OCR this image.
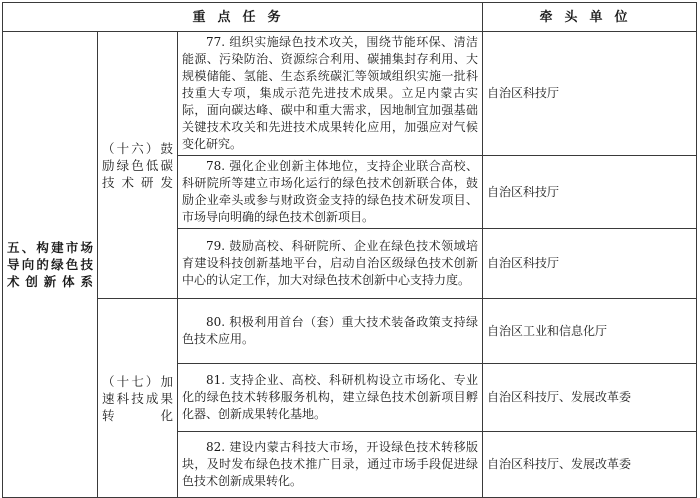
重点任务			牵头单位
五、构建市场导向的绿色技术创新体系	（十六）鼓励绿色低碳技术研发	77. 组织实施绿色技术攻关，围绕节能环保、清洁能源、污染防治、资源综合利用、碳捕集封存利用、大规模储能、氢能、生态系统碳汇等领域组织实施一批科技重大专项，集成示范先进技术成果。立足内蒙古实际，面向碳达峰、碳中和重大需求，因地制宜加强基础关键技术攻关和先进技术成果转化应用，加强应对气候变化研究。	自治区科技厅
		78. 强化企业创新主体地位，支持企业联合高校、科研院所等建立市场化运行的绿色技术创新联合体，鼓励企业牵头或参与财政资金支持的绿色技术研发项目、市场导向明确的绿色技术创新项目。	自治区科技厅
		79. 鼓励高校、科研院所、企业在绿色技术领域培育建设科技创新基地平台，启动自治区级绿色技术创新中心的认定工作，加大对绿色技术创新中心支持力度。	自治区科技厅
	（十七）加速科技成果转化	80. 积极利用首台（套）重大技术装备政策支持绿色技术应用。	自治区工业和信息化厅
		81. 支持企业、高校、科研机构设立市场化、专业化的绿色技术转移服务机构，建立绿色技术创新项目孵化器、创新成果转化基地。	自治区科技厅、发展改革委
		82. 建设内蒙古科技大市场，开设绿色技术转移版块，及时发布绿色技术推广目录，通过市场手段促进绿色技术创新成果转化。	自治区科技厅、发展改革委
